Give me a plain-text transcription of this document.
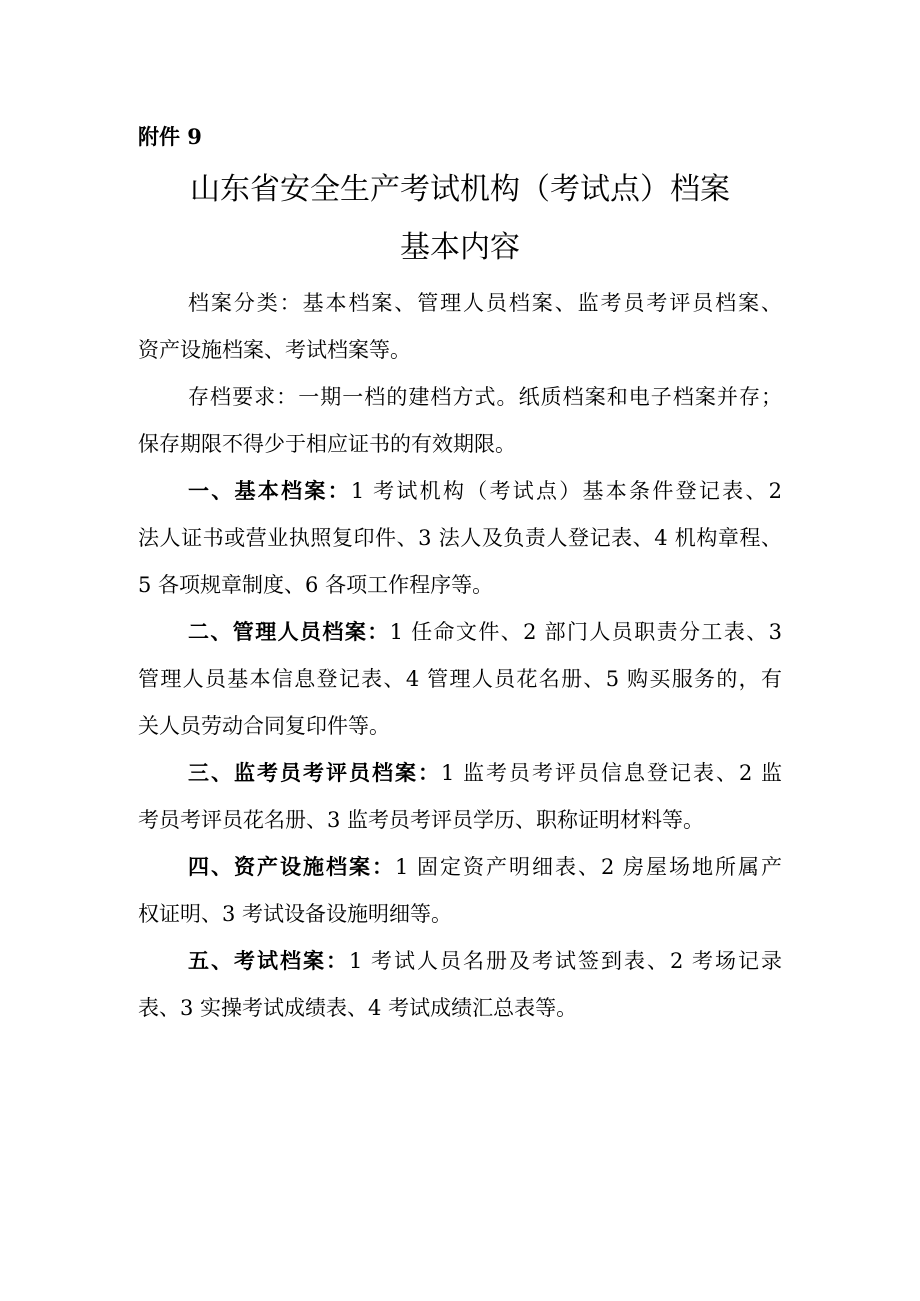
附件 9
山东省安全生产考试机构（考试点）档案
基本内容
档案分类：基本档案、管理人员档案、监考员考评员档案、
资产设施档案、考试档案等。
存档要求：一期一档的建档方式。纸质档案和电子档案并存；
保存期限不得少于相应证书的有效期限。
一、基本档案：1 考试机构（考试点）基本条件登记表、2
法人证书或营业执照复印件、3 法人及负责人登记表、4 机构章程、
5 各项规章制度、6 各项工作程序等。
二、管理人员档案：1 任命文件、2 部门人员职责分工表、3
管理人员基本信息登记表、4 管理人员花名册、5 购买服务的，有
关人员劳动合同复印件等。
三、监考员考评员档案：1 监考员考评员信息登记表、2 监
考员考评员花名册、3 监考员考评员学历、职称证明材料等。
四、资产设施档案：1 固定资产明细表、2 房屋场地所属产
权证明、3 考试设备设施明细等。
五、考试档案：1 考试人员名册及考试签到表、2 考场记录
表、3 实操考试成绩表、4 考试成绩汇总表等。
